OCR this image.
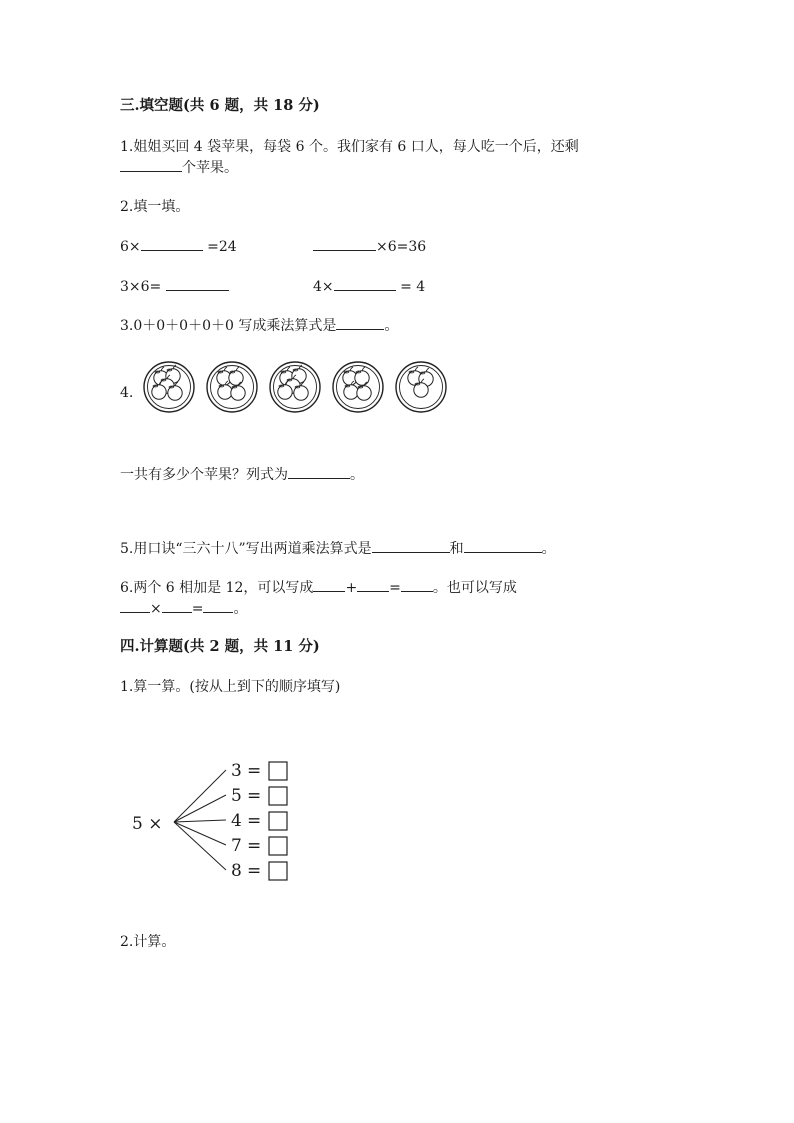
三.填空题(共 6 题，共 18 分)
1.姐姐买回 4 袋苹果，每袋 6 个。我们家有 6 口人，每人吃一个后，还剩
个苹果。
2.填一填。
6×	=24	×6=36
3×6=	4×	= 4
3.0＋0＋0＋0＋0 写成乘法算式是	。
4.
一共有多少个苹果？列式为	。
5.用口诀“三六十八”写出两道乘法算式是	和	。
6.两个 6 相加是 12，可以写成 + = 。也可以写成
× = 。
四.计算题(共 2 题，共 11 分)
1.算一算。(按从上到下的顺序填写)
5 ×
3 =
5 =
4 =
7 =
8 =
2.计算。
